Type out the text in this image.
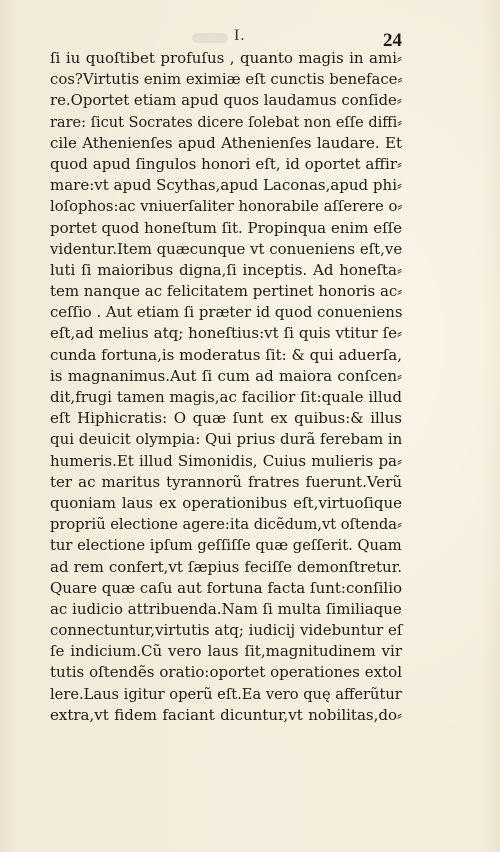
I.	24
ſi iu quoſtibet profuſus , quanto magis in ami⸗
cos?Virtutis enim eximiæ eſt cunctis beneface⸗
re.Oportet etiam apud quos laudamus conſide⸗
rare: ſicut Socrates dicere ſolebat non eſſe diffi⸗
cile Athenienſes apud Athenienſes laudare. Et
quod apud ſingulos honori eſt, id oportet affir⸗
mare:vt apud Scythas,apud Laconas,apud phi⸗
loſophos:ac vniuerſaliter honorabile aſſerere o⸗
portet quod honeſtum ſit. Propinqua enim eſſe
videntur.Item quæcunque vt conueniens eſt,ve
luti ſi maioribus digna,ſi inceptis. Ad honeſta⸗
tem nanque ac felicitatem pertinet honoris ac⸗
ceſſio . Aut etiam ſi præter id quod conueniens
eſt,ad melius atq; honeſtius:vt ſi quis vtitur ſe⸗
cunda fortuna,is moderatus ſit: & qui aduerſa,
is magnanimus.Aut ſi cum ad maiora conſcen⸗
dit,frugi tamen magis,ac facilior ſit:quale illud
eſt Hiphicratis: O quæ ſunt ex quibus:& illus
qui deuicit olympia: Qui prius durã ferebam in
humeris.Et illud Simonidis, Cuius mulieris pa⸗
ter ac maritus tyrannorũ fratres fuerunt.Verũ
quoniam laus ex operationibus eſt,virtuoſique
propriũ electione agere:ita dicẽdum,vt oſtenda⸗
tur electione ipſum geſſiſſe quæ geſſerit. Quam
ad rem confert,vt ſæpius feciſſe demonſtretur.
Quare quæ caſu aut fortuna facta ſunt:conſilio
ac iudicio attribuenda.Nam ſi multa ſimiliaque
connectuntur,virtutis atq; iudicij videbuntur eſ
ſe indicium.Cũ vero laus ſit,magnitudinem vir
tutis oſtendẽs oratio:oportet operationes extol
lere.Laus igitur operũ eſt.Ea vero quę afferũtur
extra,vt fidem faciant dicuntur,vt nobilitas,do⸗
